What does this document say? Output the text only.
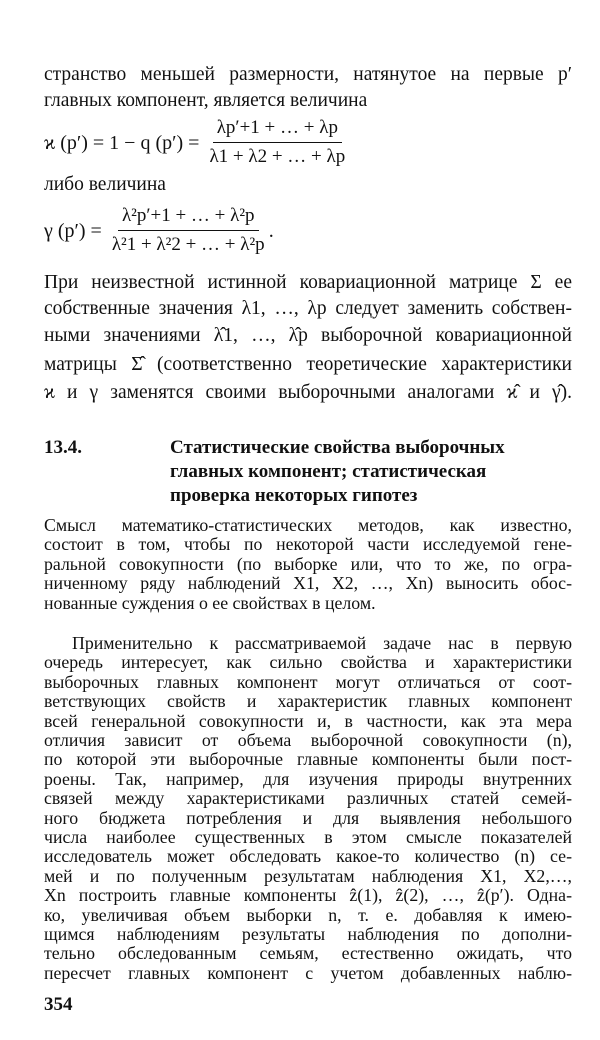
странство меньшей размерности, натянутое на первые p′
главных компонент, является величина
ϰ (p′) = 1 − q $(p') = \frac{\lambda p'+1 + \dots + \lambda p}{\lambda 1 + \lambda 2 + \dots + \lambda p}$
либо величина
γ $(p') = \frac{\text{λ²p′+1 + … + λ²p}}{\text{λ²1 + λ²2 + … + λ²p}}$ .
При неизвестной истинной ковариационной матрице Σ ее
собственные значения λ1, …, λp следует заменить собствен-
ными значениями λ̂1, …, λ̂p выборочной ковариационной
матрицы Σ̂ (соответственно теоретические характеристики
ϰ и γ заменятся своими выборочными аналогами ϰ̂ и γ̂).
13.4.	Статистические свойства выборочных
главных компонент; статистическая
проверка некоторых гипотез
Смысл математико-статистических методов, как известно,
состоит в том, чтобы по некоторой части исследуемой гене-
ральной совокупности (по выборке или, что то же, по огра-
ниченному ряду наблюдений X1, X2, …, Xn) выносить обос-
нованные суждения о ее свойствах в целом.
Применительно к рассматриваемой задаче нас в первую
очередь интересует, как сильно свойства и характеристики
выборочных главных компонент могут отличаться от соот-
ветствующих свойств и характеристик главных компонент
всей генеральной совокупности и, в частности, как эта мера
отличия зависит от объема выборочной совокупности (n),
по которой эти выборочные главные компоненты были пост-
роены. Так, например, для изучения природы внутренних
связей между характеристиками различных статей семей-
ного бюджета потребления и для выявления небольшого
числа наиболее существенных в этом смысле показателей
исследователь может обследовать какое-то количество (n) се-
мей и по полученным результатам наблюдения X1, X2,…,
Xn построить главные компоненты ẑ(1), ẑ(2), …, ẑ(p′). Одна-
ко, увеличивая объем выборки n, т. е. добавляя к имею-
354
щимся наблюдениям результаты наблюдения по дополни-
тельно обследованным семьям, естественно ожидать, что
пересчет главных компонент с учетом добавленных наблю-
